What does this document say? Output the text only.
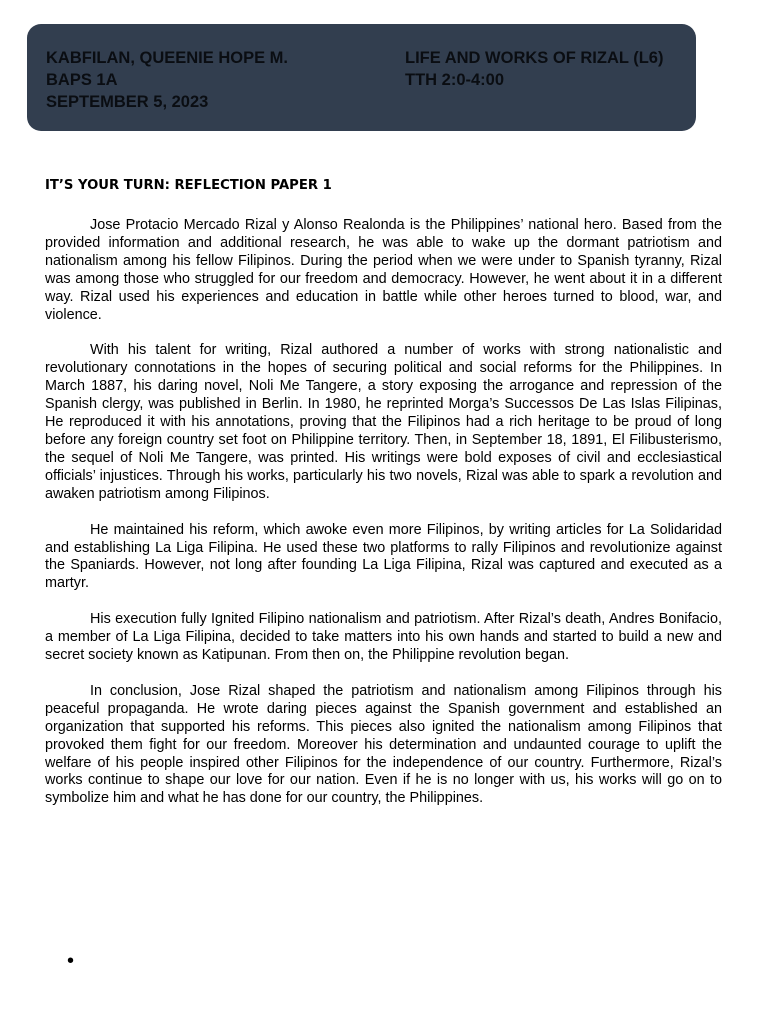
KABFILAN, QUEENIE HOPE M.
BAPS 1A
SEPTEMBER 5, 2023
LIFE AND WORKS OF RIZAL (L6)
TTH 2:0-4:00
IT’S YOUR TURN: REFLECTION PAPER 1

Jose Protacio Mercado Rizal y Alonso Realonda is the Philippines’ national hero. Based from the provided information and additional research, he was able to wake up the dormant patriotism and nationalism among his fellow Filipinos. During the period when we were under to Spanish tyranny, Rizal was among those who struggled for our freedom and democracy. However, he went about it in a different way. Rizal used his experiences and education in battle while other heroes turned to blood, war, and violence.

With his talent for writing, Rizal authored a number of works with strong nationalistic and revolutionary connotations in the hopes of securing political and social reforms for the Philippines. In March 1887, his daring novel, Noli Me Tangere, a story exposing the arrogance and repression of the Spanish clergy, was published in Berlin. In 1980, he reprinted Morga’s Successos De Las Islas Filipinas, He reproduced it with his annotations, proving that the Filipinos had a rich heritage to be proud of long before any foreign country set foot on Philippine territory. Then, in September 18, 1891, El Filibusterismo, the sequel of Noli Me Tangere, was printed. His writings were bold exposes of civil and ecclesiastical officials’ injustices. Through his works, particularly his two novels, Rizal was able to spark a revolution and awaken patriotism among Filipinos.

He maintained his reform, which awoke even more Filipinos, by writing articles for La Solidaridad and establishing La Liga Filipina. He used these two platforms to rally Filipinos and revolutionize against the Spaniards. However, not long after founding La Liga Filipina, Rizal was captured and executed as a martyr.

His execution fully Ignited Filipino nationalism and patriotism. After Rizal’s death, Andres Bonifacio, a member of La Liga Filipina, decided to take matters into his own hands and started to build a new and secret society known as Katipunan. From then on, the Philippine revolution began.

In conclusion, Jose Rizal shaped the patriotism and nationalism among Filipinos through his peaceful propaganda. He wrote daring pieces against the Spanish government and established an organization that supported his reforms. This pieces also ignited the nationalism among Filipinos that provoked them fight for our freedom. Moreover his determination and undaunted courage to uplift the welfare of his people inspired other Filipinos for the independence of our country. Furthermore, Rizal’s works continue to shape our love for our nation. Even if he is no longer with us, his works will go on to symbolize him and what he has done for our country, the Philippines.

•
